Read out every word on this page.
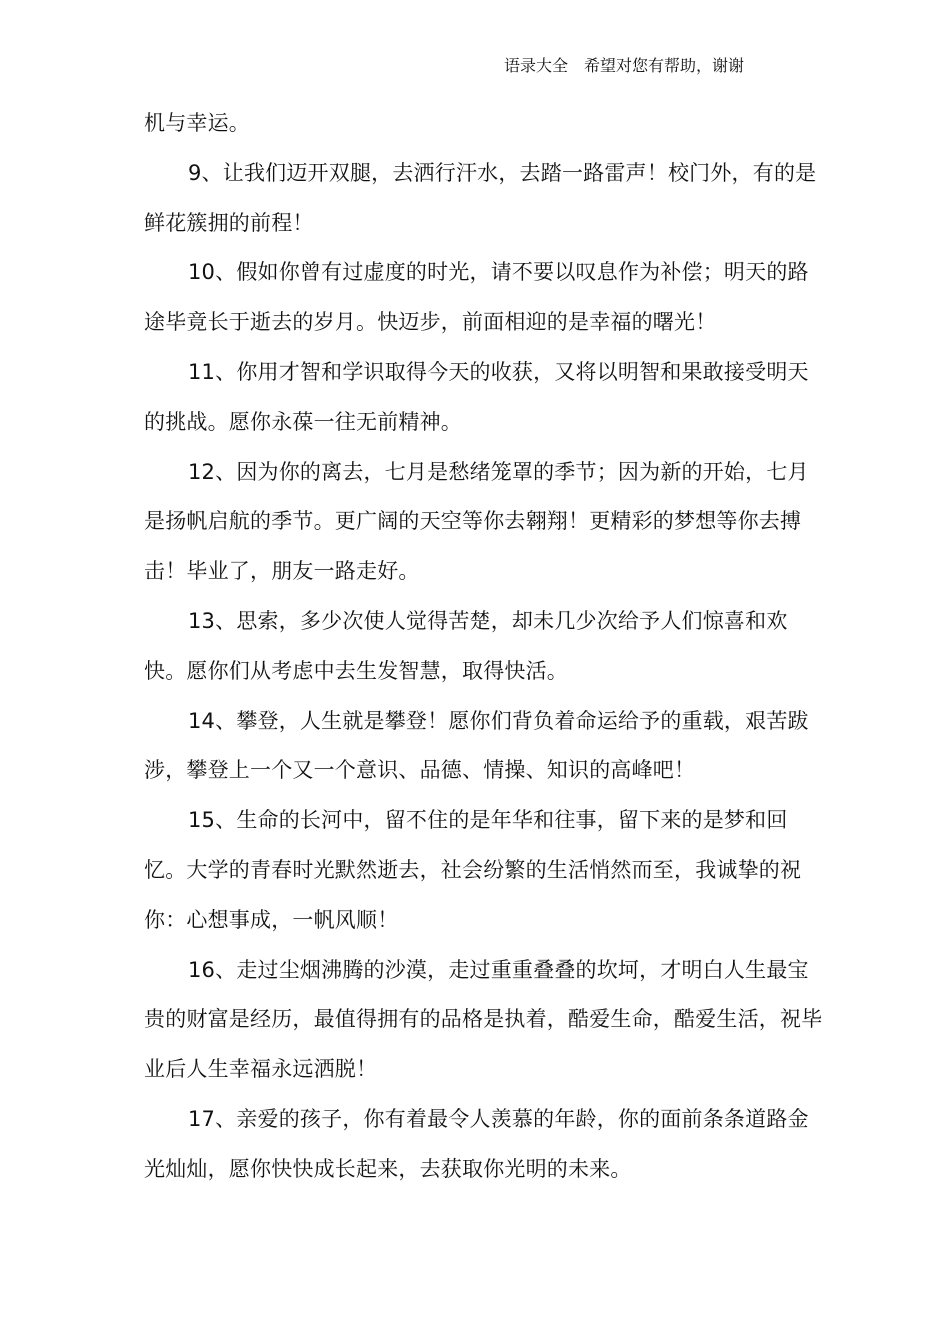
语录大全　希望对您有帮助，谢谢

机与幸运。

9、让我们迈开双腿，去洒行汗水，去踏一路雷声！校门外，有的是鲜花簇拥的前程！

10、假如你曾有过虚度的时光，请不要以叹息作为补偿；明天的路途毕竟长于逝去的岁月。快迈步，前面相迎的是幸福的曙光！

11、你用才智和学识取得今天的收获，又将以明智和果敢接受明天的挑战。愿你永葆一往无前精神。

12、因为你的离去，七月是愁绪笼罩的季节；因为新的开始，七月是扬帆启航的季节。更广阔的天空等你去翱翔！更精彩的梦想等你去搏击！毕业了，朋友一路走好。

13、思索，多少次使人觉得苦楚，却未几少次给予人们惊喜和欢快。愿你们从考虑中去生发智慧，取得快活。

14、攀登，人生就是攀登！愿你们背负着命运给予的重载，艰苦跋涉，攀登上一个又一个意识、品德、情操、知识的高峰吧！

15、生命的长河中，留不住的是年华和往事，留下来的是梦和回忆。大学的青春时光默然逝去，社会纷繁的生活悄然而至，我诚挚的祝你：心想事成，一帆风顺！

16、走过尘烟沸腾的沙漠，走过重重叠叠的坎坷，才明白人生最宝贵的财富是经历，最值得拥有的品格是执着，酷爱生命，酷爱生活，祝毕业后人生幸福永远洒脱！

17、亲爱的孩子，你有着最令人羡慕的年龄，你的面前条条道路金光灿灿，愿你快快成长起来，去获取你光明的未来。
